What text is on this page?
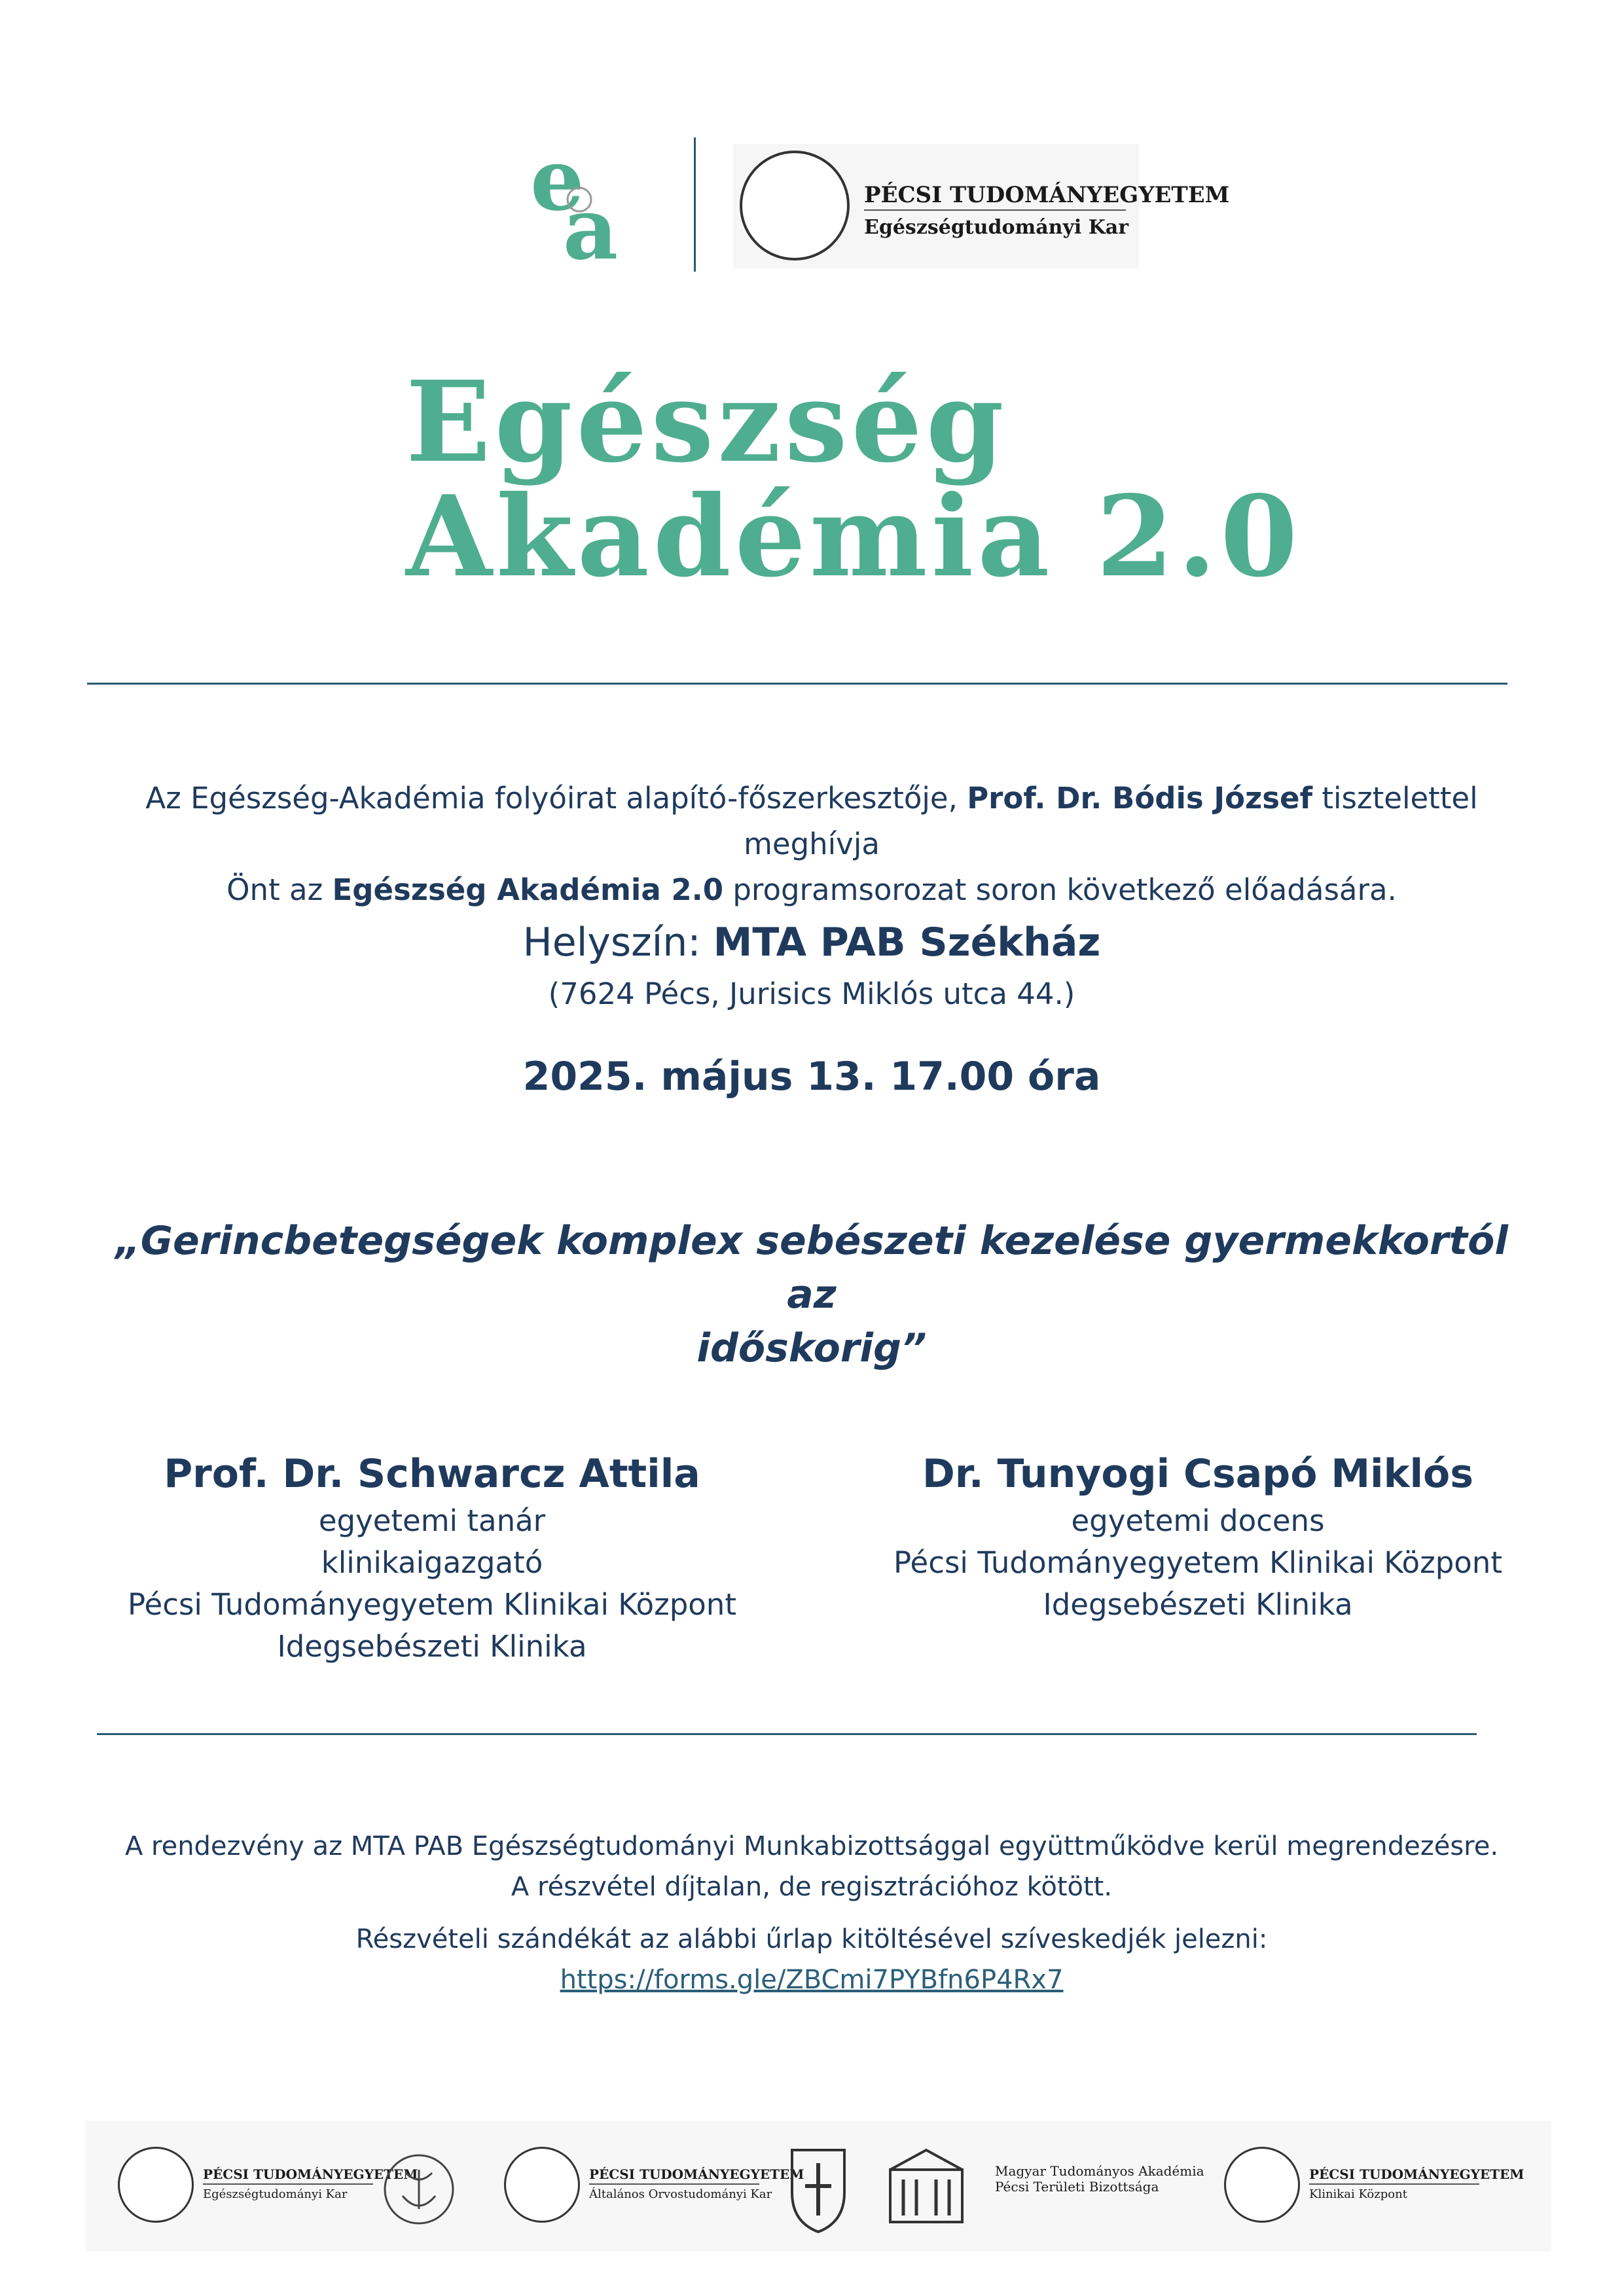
e
a	PÉCSI TUDOMÁNYEGYETEM
Egészségtudományi Kar
Egészség
Akadémia 2.0
Az Egészség-Akadémia folyóirat alapító-főszerkesztője, Prof. Dr. Bódis József tisztelettel meghívja
Önt az Egészség Akadémia 2.0 programsorozat soron következő előadására.
Helyszín: MTA PAB Székház
(7624 Pécs, Jurisics Miklós utca 44.)
2025. május 13. 17.00 óra
„Gerincbetegségek komplex sebészeti kezelése gyermekkortól az
időskorig”
Prof. Dr. Schwarcz Attila
egyetemi tanár
klinikaigazgató
Pécsi Tudományegyetem Klinikai Központ
Idegsebészeti Klinika
Dr. Tunyogi Csapó Miklós
egyetemi docens
Pécsi Tudományegyetem Klinikai Központ
Idegsebészeti Klinika

A rendezvény az MTA PAB Egészségtudományi Munkabizottsággal együttműködve kerül megrendezésre.

A részvétel díjtalan, de regisztrációhoz kötött.

Részvételi szándékát az alábbi űrlap kitöltésével szíveskedjék jelezni:

https://forms.gle/ZBCmi7PYBfn6P4Rx7

PÉCSI TUDOMÁNYEGYETEM
Egészségtudományi Kar
PÉCSI TUDOMÁNYEGYETEM
Általános Orvostudományi Kar
Magyar Tudományos Akadémia
Pécsi Területi Bizottsága
PÉCSI TUDOMÁNYEGYETEM
Klinikai Központ
